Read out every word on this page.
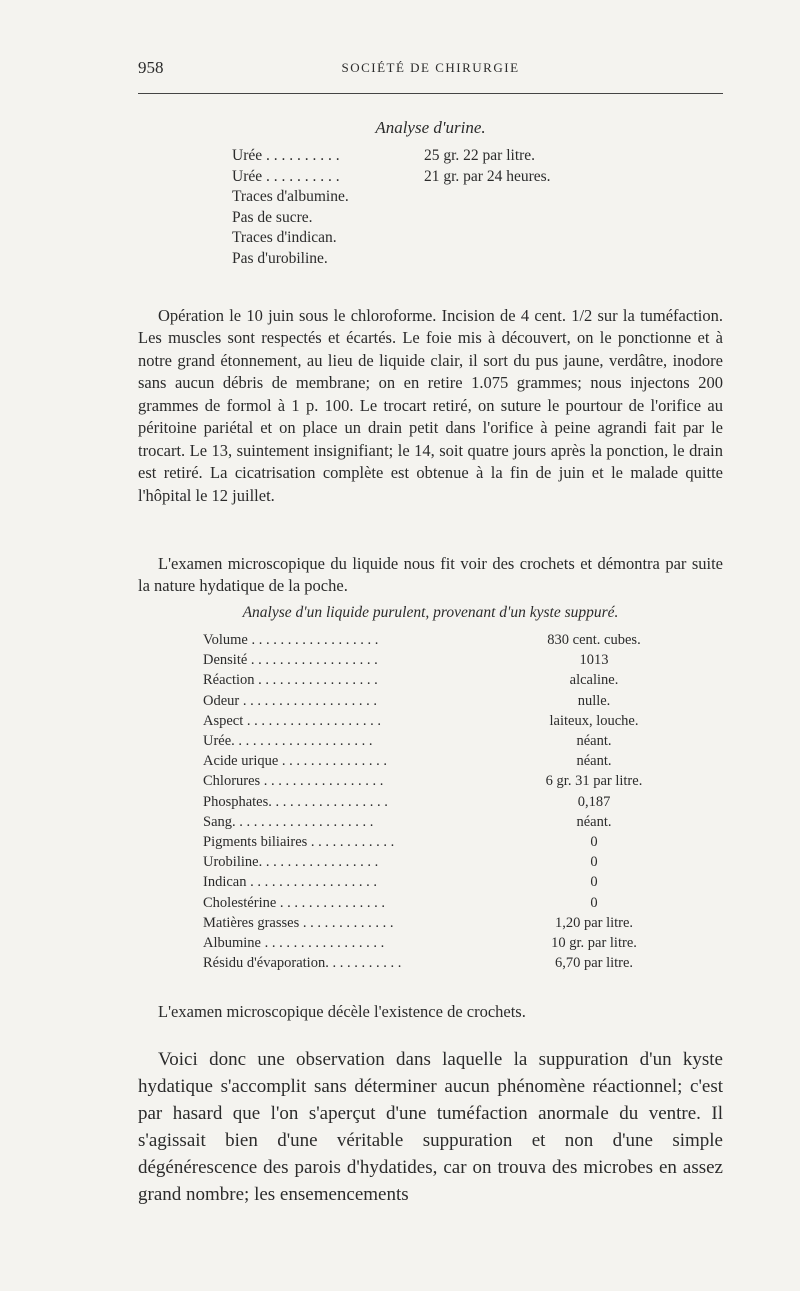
958	SOCIÉTÉ DE CHIRURGIE
Analyse d'urine.
Urée . . . . . . . . . .	25 gr. 22 par litre.
Urée . . . . . . . . . .	21 gr. par 24 heures.
Traces d'albumine.
Pas de sucre.
Traces d'indican.
Pas d'urobiline.

Opération le 10 juin sous le chloroforme. Incision de 4 cent. 1/2 sur la tuméfaction. Les muscles sont respectés et écartés. Le foie mis à découvert, on le ponctionne et à notre grand étonnement, au lieu de liquide clair, il sort du pus jaune, verdâtre, inodore sans aucun débris de membrane; on en retire 1.075 grammes; nous injectons 200 grammes de formol à 1 p. 100. Le trocart retiré, on suture le pourtour de l'orifice au péritoine pariétal et on place un drain petit dans l'orifice à peine agrandi fait par le trocart. Le 13, suintement insignifiant; le 14, soit quatre jours après la ponction, le drain est retiré. La cicatrisation complète est obtenue à la fin de juin et le malade quitte l'hôpital le 12 juillet.

L'examen microscopique du liquide nous fit voir des crochets et démontra par suite la nature hydatique de la poche.

Analyse d'un liquide purulent, provenant d'un kyste suppuré.
Volume . . . . . . . . . . . . . . . . . .	830 cent. cubes.
Densité . . . . . . . . . . . . . . . . . .	1013
Réaction . . . . . . . . . . . . . . . . .	alcaline.
Odeur . . . . . . . . . . . . . . . . . . .	nulle.
Aspect . . . . . . . . . . . . . . . . . . .	laiteux, louche.
Urée. . . . . . . . . . . . . . . . . . . .	néant.
Acide urique . . . . . . . . . . . . . . .	néant.
Chlorures . . . . . . . . . . . . . . . . .	6 gr. 31 par litre.
Phosphates. . . . . . . . . . . . . . . . .	0,187
Sang. . . . . . . . . . . . . . . . . . . .	néant.
Pigments biliaires . . . . . . . . . . . .	0
Urobiline. . . . . . . . . . . . . . . . .	0
Indican . . . . . . . . . . . . . . . . . .	0
Cholestérine . . . . . . . . . . . . . . .	0
Matières grasses . . . . . . . . . . . . .	1,20 par litre.
Albumine . . . . . . . . . . . . . . . . .	10 gr. par litre.
Résidu d'évaporation. . . . . . . . . . .	6,70 par litre.

L'examen microscopique décèle l'existence de crochets.

Voici donc une observation dans laquelle la suppuration d'un kyste hydatique s'accomplit sans déterminer aucun phénomène réactionnel; c'est par hasard que l'on s'aperçut d'une tuméfaction anormale du ventre. Il s'agissait bien d'une véritable suppuration et non d'une simple dégénérescence des parois d'hydatides, car on trouva des microbes en assez grand nombre; les ensemencements
